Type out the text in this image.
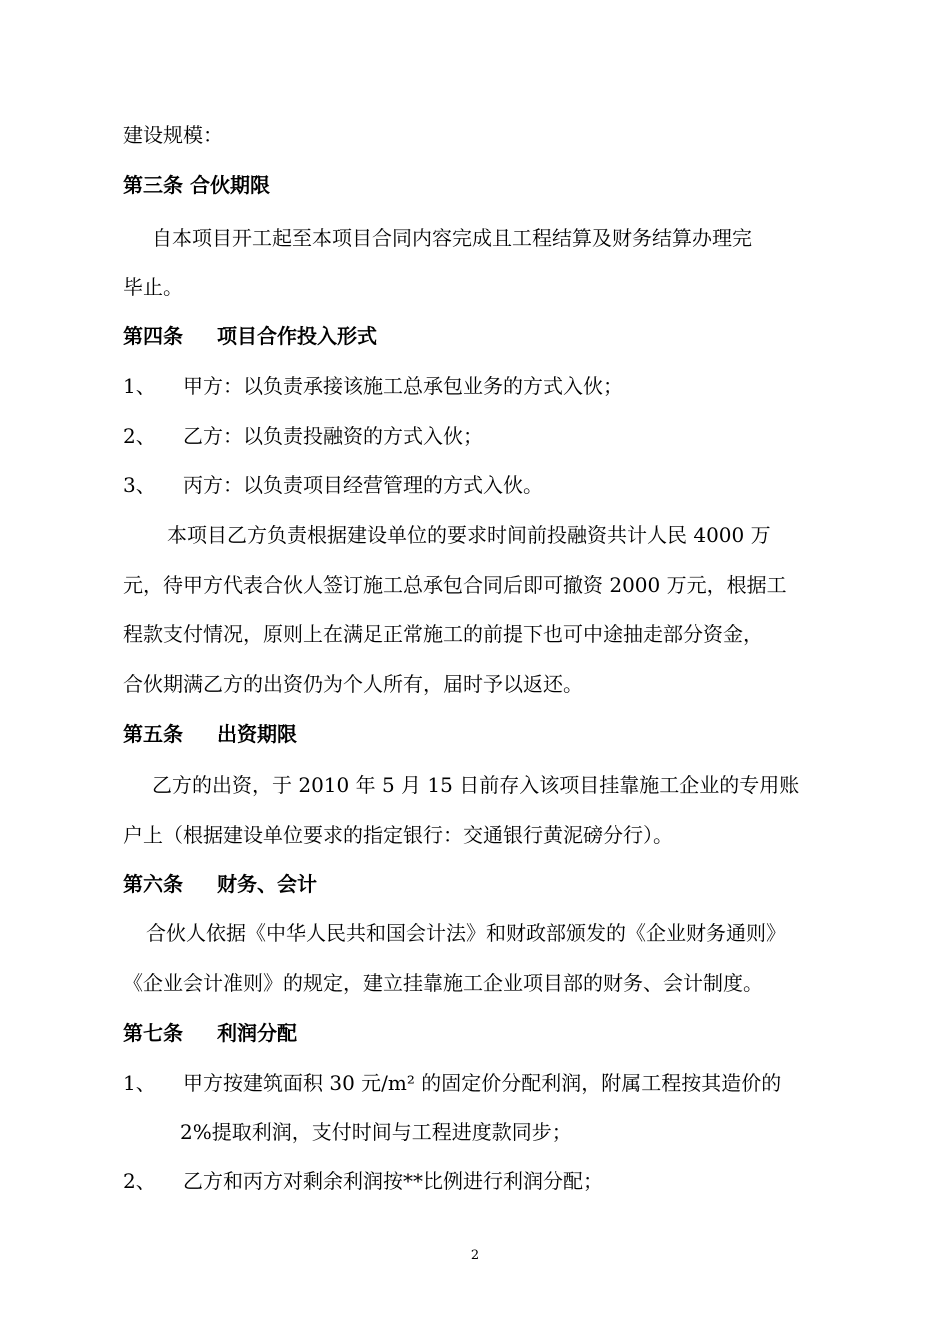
建设规模：
第三条 合伙期限
自本项目开工起至本项目合同内容完成且工程结算及财务结算办理完
毕止。
第四条 项目合作投入形式
1、 甲方：以负责承接该施工总承包业务的方式入伙；
2、 乙方：以负责投融资的方式入伙；
3、 丙方：以负责项目经营管理的方式入伙。
本项目乙方负责根据建设单位的要求时间前投融资共计人民 4000 万
元，待甲方代表合伙人签订施工总承包合同后即可撤资 2000 万元，根据工
程款支付情况，原则上在满足正常施工的前提下也可中途抽走部分资金，
合伙期满乙方的出资仍为个人所有，届时予以返还。
第五条 出资期限
乙方的出资，于 2010 年 5 月 15 日前存入该项目挂靠施工企业的专用账
户上（根据建设单位要求的指定银行：交通银行黄泥磅分行）。
第六条 财务、会计
合伙人依据《中华人民共和国会计法》和财政部颁发的《企业财务通则》
《企业会计准则》的规定，建立挂靠施工企业项目部的财务、会计制度。
第七条 利润分配
1、 甲方按建筑面积 30 元/m² 的固定价分配利润，附属工程按其造价的
2%提取利润，支付时间与工程进度款同步；
2、 乙方和丙方对剩余利润按**比例进行利润分配；
2
